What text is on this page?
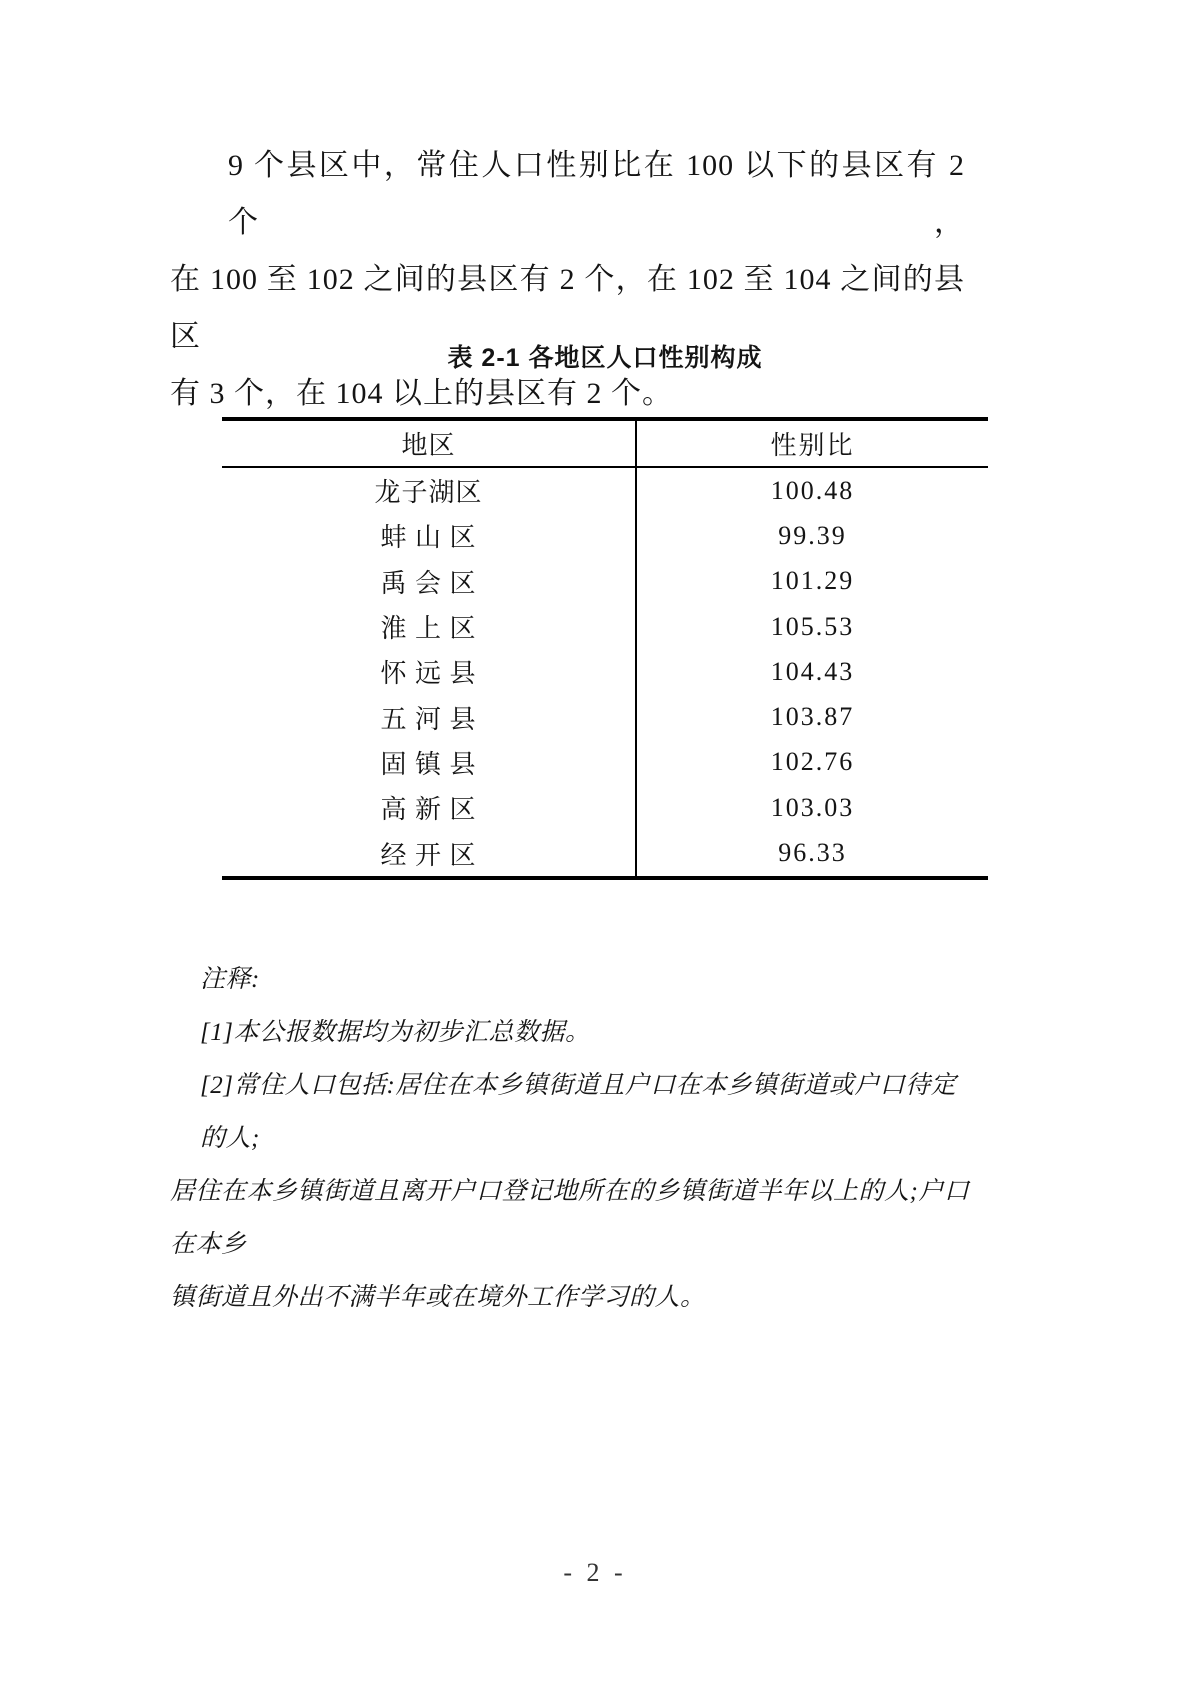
9 个县区中，常住人口性别比在 100 以下的县区有 2 个，
在 100 至 102 之间的县区有 2 个，在 102 至 104 之间的县区
有 3 个，在 104 以上的县区有 2 个。
表 2-1 各地区人口性别构成
地区	性别比
龙子湖区	100.48
蚌 山 区	99.39
禹 会 区	101.29
淮 上 区	105.53
怀 远 县	104.43
五 河 县	103.87
固 镇 县	102.76
高 新 区	103.03
经 开 区	96.33
注释:
[1]本公报数据均为初步汇总数据。
[2]常住人口包括:居住在本乡镇街道且户口在本乡镇街道或户口待定的人;
居住在本乡镇街道且离开户口登记地所在的乡镇街道半年以上的人;户口在本乡
镇街道且外出不满半年或在境外工作学习的人。
- 2 -
